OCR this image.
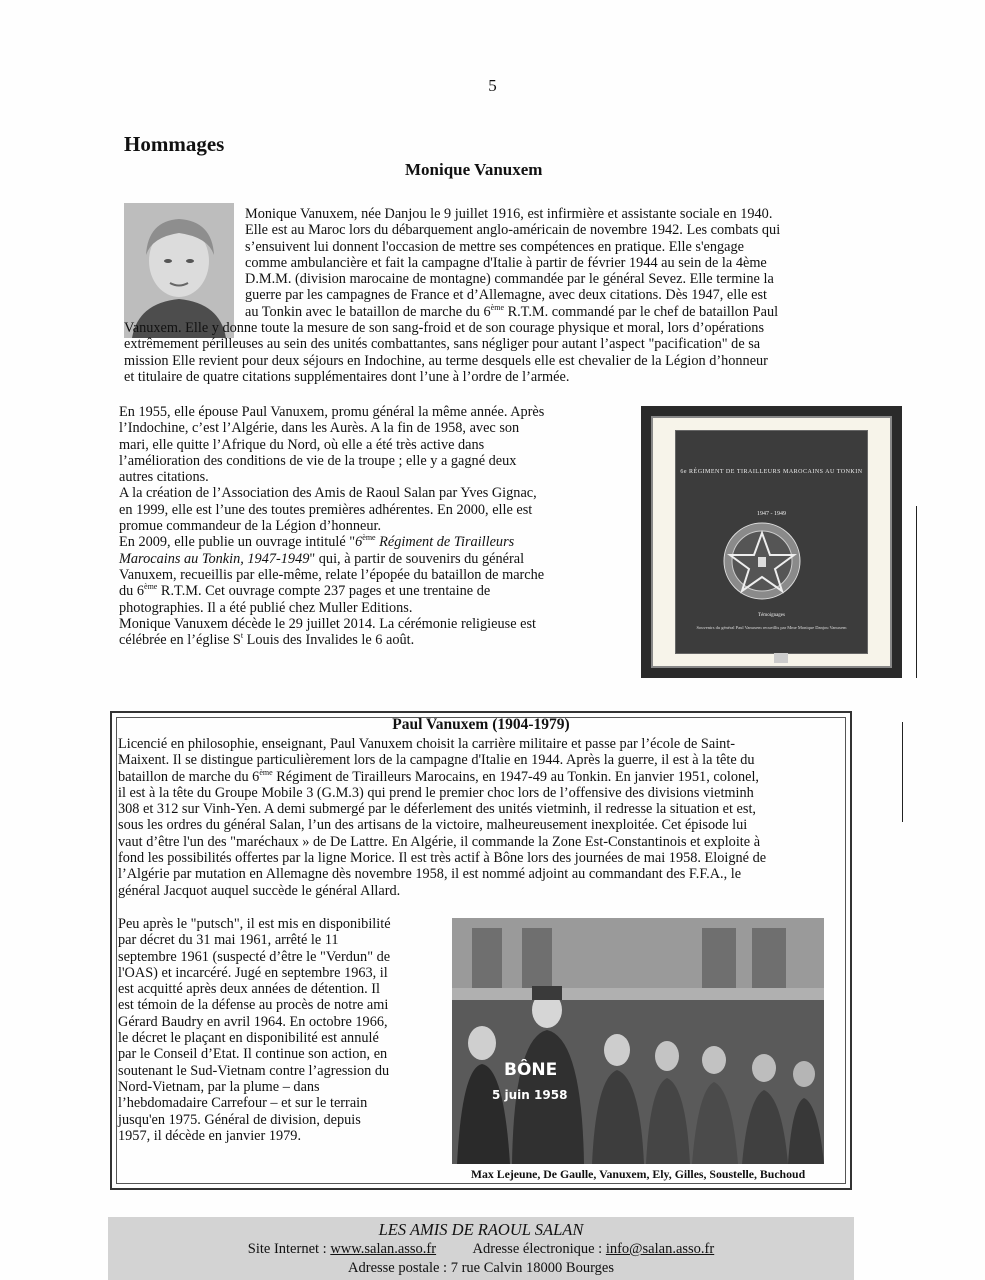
5
Hommages
Monique Vanuxem

Monique Vanuxem, née Danjou le 9 juillet 1916, est infirmière et assistante sociale en 1940.

Elle est au Maroc lors du débarquement anglo-américain de novembre 1942. Les combats qui

s’ensuivent lui donnent l'occasion de mettre ses compétences en pratique. Elle s'engage

comme ambulancière et fait la campagne d'Italie à partir de février 1944 au sein de la 4ème

D.M.M. (division marocaine de montagne) commandée par le général Sevez. Elle termine la

guerre par les campagnes de France et d’Allemagne, avec deux citations. Dès 1947, elle est

au Tonkin avec le bataillon de marche du 6ème R.T.M. commandé par le chef de bataillon Paul

Vanuxem. Elle y donne toute la mesure de son sang-froid et de son courage physique et moral, lors d’opérations

extrêmement périlleuses au sein des unités combattantes, sans négliger pour autant l’aspect "pacification" de sa

mission Elle revient pour deux séjours en Indochine, au terme desquels elle est chevalier de la Légion d’honneur

et titulaire de quatre citations supplémentaires dont l’une à l’ordre de l’armée.

En 1955, elle épouse Paul Vanuxem, promu général la même année. Après

l’Indochine, c’est l’Algérie, dans les Aurès. A la fin de 1958, avec son

mari, elle quitte l’Afrique du Nord, où elle a été très active dans

l’amélioration des conditions de vie de la troupe ; elle y a gagné deux

autres citations.

A la création de l’Association des Amis de Raoul Salan par Yves Gignac,

en 1999, elle est l’une des toutes premières adhérentes. En 2000, elle est

promue commandeur de la Légion d’honneur.

En 2009, elle publie un ouvrage intitulé "6ème Régiment de Tirailleurs

Marocains au Tonkin, 1947-1949" qui, à partir de souvenirs du général

Vanuxem, recueillis par elle-même, relate l’épopée du bataillon de marche

du 6ème R.T.M. Cet ouvrage compte 237 pages et une trentaine de

photographies. Il a été publié chez Muller Editions.

Monique Vanuxem décède le 29 juillet 2014. La cérémonie religieuse est

célébrée en l’église $S^t$ Louis des Invalides le 6 août.

6e RÉGIMENT DE TIRAILLEURS MAROCAINS AU TONKIN
1947 - 1949
Témoignages
Souvenirs du général Paul Vanuxem recueillis par Mme Monique Danjou Vanuxem
Paul Vanuxem (1904-1979)

Licencié en philosophie, enseignant, Paul Vanuxem choisit la carrière militaire et passe par l’école de Saint-

Maixent. Il se distingue particulièrement lors de la campagne d'Italie en 1944. Après la guerre, il est à la tête du

bataillon de marche du 6ème Régiment de Tirailleurs Marocains, en 1947-49 au Tonkin. En janvier 1951, colonel,

il est à la tête du Groupe Mobile 3 (G.M.3) qui prend le premier choc lors de l’offensive des divisions vietminh

308 et 312 sur Vinh-Yen. A demi submergé par le déferlement des unités vietminh, il redresse la situation et est,

sous les ordres du général Salan, l’un des artisans de la victoire, malheureusement inexploitée. Cet épisode lui

vaut d’être l'un des "maréchaux » de De Lattre. En Algérie, il commande la Zone Est-Constantinois et exploite à

fond les possibilités offertes par la ligne Morice. Il est très actif à Bône lors des journées de mai 1958. Eloigné de

l’Algérie par mutation en Allemagne dès novembre 1958, il est nommé adjoint au commandant des F.F.A., le

général Jacquot auquel succède le général Allard.

Peu après le "putsch", il est mis en disponibilité

par décret du 31 mai 1961, arrêté le 11

septembre 1961 (suspecté d’être le "Verdun" de

l'OAS) et incarcéré. Jugé en septembre 1963, il

est acquitté après deux années de détention. Il

est témoin de la défense au procès de notre ami

Gérard Baudry en avril 1964. En octobre 1966,

le décret le plaçant en disponibilité est annulé

par le Conseil d’Etat. Il continue son action, en

soutenant le Sud-Vietnam contre l’agression du

Nord-Vietnam, par la plume – dans

l’hebdomadaire Carrefour – et sur le terrain

jusqu'en 1975. Général de division, depuis

1957, il décède en janvier 1979.

BÔNE
5 juin 1958
Max Lejeune, De Gaulle, Vanuxem, Ely, Gilles, Soustelle, Buchoud
LES AMIS DE RAOUL SALAN
Site Internet : www.salan.asso.fr	Adresse électronique : info@salan.asso.fr
Adresse postale : 7 rue Calvin 18000 Bourges
